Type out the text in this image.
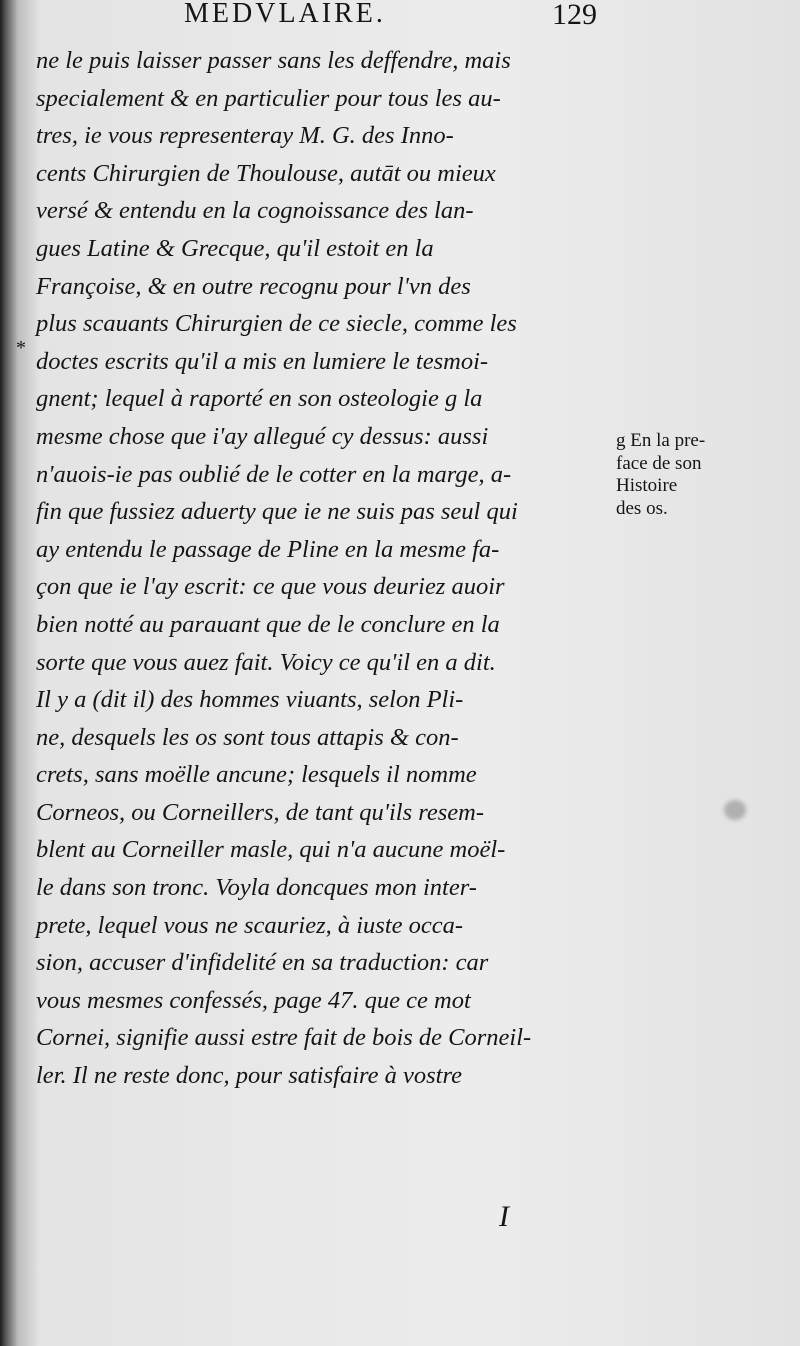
MEDVLAIRE.	129
*
ne le puis laisser passer sans les deffendre, mais
specialement & en particulier pour tous les au-
tres, ie vous representeray M. G. des Inno-
cents Chirurgien de Thoulouse, autāt ou mieux
versé & entendu en la cognoissance des lan-
gues Latine & Grecque, qu'il estoit en la
Françoise, & en outre recognu pour l'vn des
plus scauants Chirurgien de ce siecle, comme les
doctes escrits qu'il a mis en lumiere le tesmoi-
gnent; lequel à raporté en son osteologie g la
mesme chose que i'ay allegué cy dessus: aussi
n'auois-ie pas oublié de le cotter en la marge, a-
fin que fussiez aduerty que ie ne suis pas seul qui
ay entendu le passage de Pline en la mesme fa-
çon que ie l'ay escrit: ce que vous deuriez auoir
bien notté au parauant que de le conclure en la
sorte que vous auez fait. Voicy ce qu'il en a dit.
Il y a (dit il) des hommes viuants, selon Pli-
ne, desquels les os sont tous attapis & con-
crets, sans moëlle ancune; lesquels il nomme
Corneos, ou Corneillers, de tant qu'ils resem-
blent au Corneiller masle, qui n'a aucune moël-
le dans son tronc. Voyla doncques mon inter-
prete, lequel vous ne scauriez, à iuste occa-
sion, accuser d'infidelité en sa traduction: car
vous mesmes confessés, page 47. que ce mot
Cornei, signifie aussi estre fait de bois de Corneil-
ler. Il ne reste donc, pour satisfaire à vostre
g En la pre-
face de son
Histoire
des os.
I
